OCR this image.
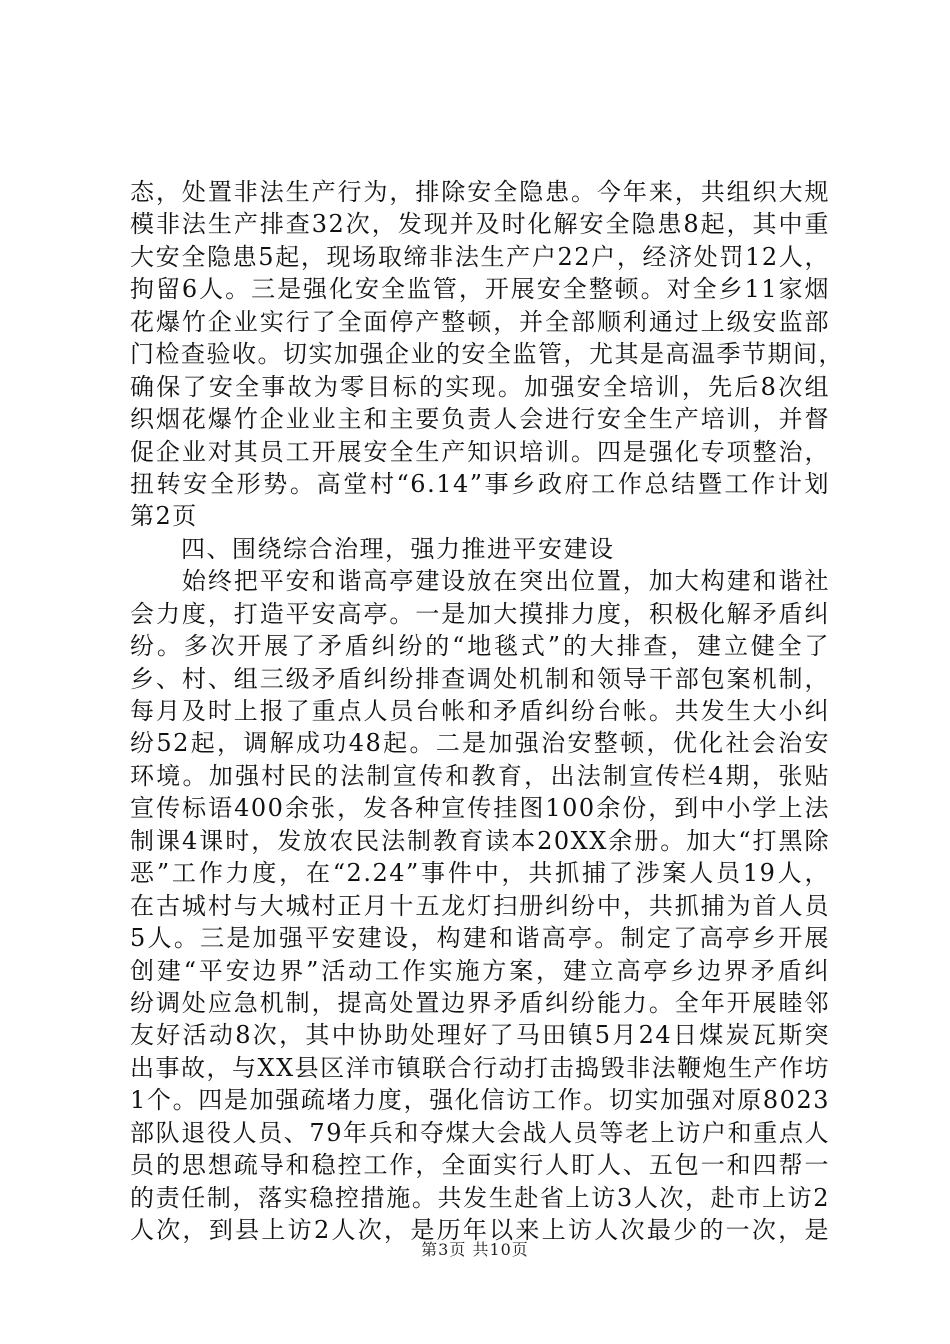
态，处置非法生产行为，排除安全隐患。今年来，共组织大规
模非法生产排查32次，发现并及时化解安全隐患8起，其中重
大安全隐患5起，现场取缔非法生产户22户，经济处罚12人，
拘留6人。三是强化安全监管，开展安全整顿。对全乡11家烟
花爆竹企业实行了全面停产整顿，并全部顺利通过上级安监部
门检查验收。切实加强企业的安全监管，尤其是高温季节期间，
确保了安全事故为零目标的实现。加强安全培训，先后8次组
织烟花爆竹企业业主和主要负责人会进行安全生产培训，并督
促企业对其员工开展安全生产知识培训。四是强化专项整治，
扭转安全形势。高堂村“6.14”事乡政府工作总结暨工作计划
第2页
　　四、围绕综合治理，强力推进平安建设
　　始终把平安和谐高亭建设放在突出位置，加大构建和谐社
会力度，打造平安高亭。一是加大摸排力度，积极化解矛盾纠
纷。多次开展了矛盾纠纷的“地毯式”的大排查，建立健全了
乡、村、组三级矛盾纠纷排查调处机制和领导干部包案机制，
每月及时上报了重点人员台帐和矛盾纠纷台帐。共发生大小纠
纷52起，调解成功48起。二是加强治安整顿，优化社会治安
环境。加强村民的法制宣传和教育，出法制宣传栏4期，张贴
宣传标语400余张，发各种宣传挂图100余份，到中小学上法
制课4课时，发放农民法制教育读本20XX余册。加大“打黑除
恶”工作力度，在“2.24”事件中，共抓捕了涉案人员19人，
在古城村与大城村正月十五龙灯扫册纠纷中，共抓捕为首人员
5人。三是加强平安建设，构建和谐高亭。制定了高亭乡开展
创建“平安边界”活动工作实施方案，建立高亭乡边界矛盾纠
纷调处应急机制，提高处置边界矛盾纠纷能力。全年开展睦邻
友好活动8次，其中协助处理好了马田镇5月24日煤炭瓦斯突
出事故，与XX县区洋市镇联合行动打击捣毁非法鞭炮生产作坊
1个。四是加强疏堵力度，强化信访工作。切实加强对原8023
部队退役人员、79年兵和夺煤大会战人员等老上访户和重点人
员的思想疏导和稳控工作，全面实行人盯人、五包一和四帮一
的责任制，落实稳控措施。共发生赴省上访3人次，赴市上访2
人次，到县上访2人次，是历年以来上访人次最少的一次，是
第3页 共10页
